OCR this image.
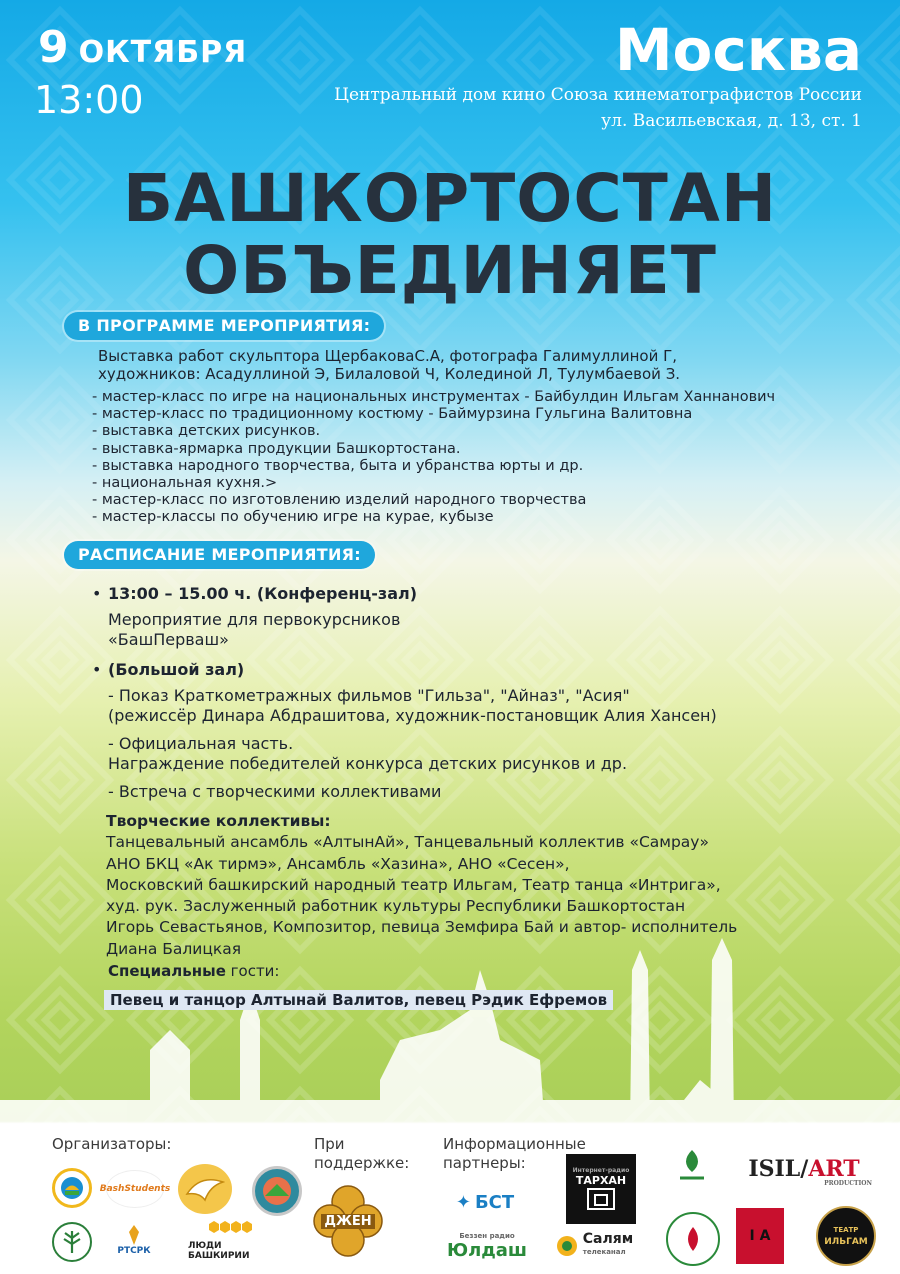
9 ОКТЯБРЯ
13:00
Москва
Центральный дом кино Союза кинематографистов России
ул. Васильевская, д. 13, ст. 1
БАШКОРТОСТАН
ОБЪЕДИНЯЕТ
В ПРОГРАММЕ МЕРОПРИЯТИЯ:
Выставка работ скульптора ЩербаковаС.А, фотографа Галимуллиной Г,
художников: Асадуллиной Э, Билаловой Ч, Колединой Л, Тулумбаевой З.
- мастер-класс по игре на национальных инструментах - Байбулдин Ильгам Ханнанович
- мастер-класс по традиционному костюму - Баймурзина Гульгина Валитовна
- выставка детских рисунков.
- выставка-ярмарка продукции Башкортостана.
- выставка народного творчества, быта и убранства юрты и др.
- национальная кухня.>
- мастер-класс по изготовлению изделий народного творчества
- мастер-классы по обучению игре на курае, кубызе
РАСПИСАНИЕ МЕРОПРИЯТИЯ:
• 13:00 – 15.00 ч. (Конференц-зал)
Мероприятие для первокурсников
«БашПерваш»
• (Большой зал)
- Показ Краткометражных фильмов "Гильза", "Айназ", "Асия"
(режиссёр Динара Абдрашитова, художник-постановщик Алия Хансен)
- Официальная часть.
Награждение победителей конкурса детских рисунков и др.
- Встреча с творческими коллективами
Творческие коллективы:
Танцевальный ансамбль «АлтынАй», Танцевальный коллектив «Самрау»
АНО БКЦ «Ак тирмэ», Ансамбль «Хазина», АНО «Сесен»,
Московский башкирский народный театр Ильгам, Театр танца «Интрига»,
худ. рук. Заслуженный работник культуры Республики Башкортостан
Игорь Севастьянов, Композитор, певица Земфира Бай и автор- исполнитель
Диана Балицкая
Специальные гости:
Певец и танцор Алтынай Валитов, певец Рэдик Ефремов
Организаторы:	При
поддержке:
Информационные
партнеры:
BashStudents
РТСРК	ЛЮДИ БАШКИРИИ
ДЖЕН
✦ БСТ
Беззен радио
Юлдаш
Интернет-радио
ТАРХАН
Салям
телеканал
ISIL/ART
PRODUCTION
I A	ТЕАТР
ИЛЬГАМ
